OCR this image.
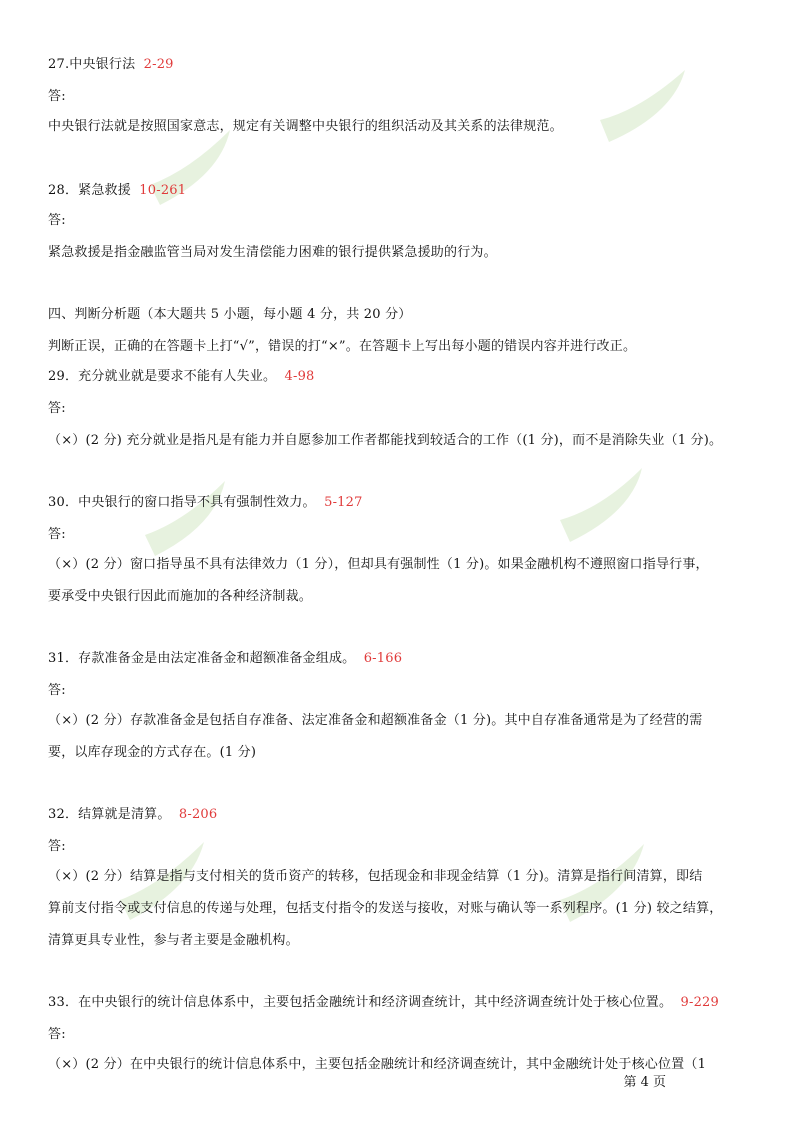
27.中央银行法 2-29
答:
中央银行法就是按照国家意志，规定有关调整中央银行的组织活动及其关系的法律规范。
28．紧急救援 10-261
答:
紧急救援是指金融监管当局对发生清偿能力困难的银行提供紧急援助的行为。
四、判断分析题（本大题共 5 小题，每小题 4 分，共 20 分）
判断正误，正确的在答题卡上打“√”，错误的打“×”。在答题卡上写出每小题的错误内容并进行改正。
29．充分就业就是要求不能有人失业。 4-98
答:
（×）(2 分) 充分就业是指凡是有能力并自愿参加工作者都能找到较适合的工作（(1 分)，而不是消除失业（1 分)。
30．中央银行的窗口指导不具有强制性效力。 5-127
答:
（×）(2 分）窗口指导虽不具有法律效力（1 分），但却具有强制性（1 分)。如果金融机构不遵照窗口指导行事，
要承受中央银行因此而施加的各种经济制裁。
31．存款准备金是由法定准备金和超额准备金组成。 6-166
答:
（×）(2 分）存款准备金是包括自存准备、法定准备金和超额准备金（1 分)。其中自存准备通常是为了经营的需
要，以库存现金的方式存在。(1 分)
32．结算就是清算。 8-206
答:
（×）(2 分）结算是指与支付相关的货币资产的转移，包括现金和非现金结算（1 分)。清算是指行间清算，即结
算前支付指令或支付信息的传递与处理，包括支付指令的发送与接收，对账与确认等一系列程序。(1 分) 较之结算，
清算更具专业性，参与者主要是金融机构。
33．在中央银行的统计信息体系中，主要包括金融统计和经济调查统计，其中经济调查统计处于核心位置。 9-229
答:
（×）(2 分）在中央银行的统计信息体系中，主要包括金融统计和经济调查统计，其中金融统计处于核心位置（1
第 4 页
